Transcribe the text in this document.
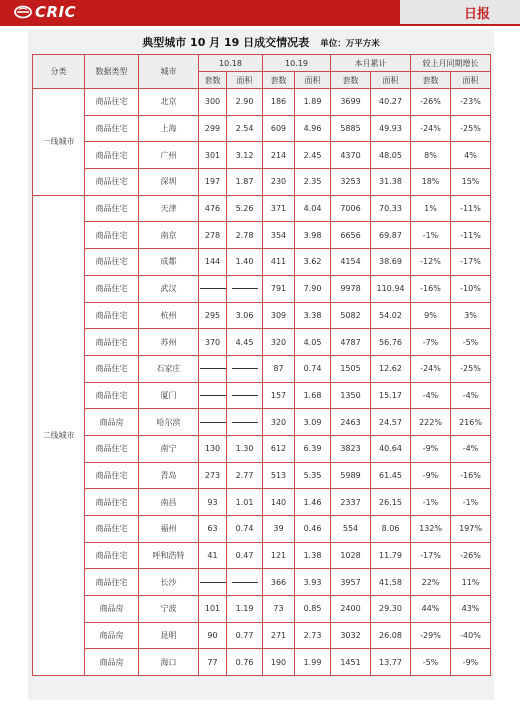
CRIC	日报
典型城市 10 月 19 日成交情况表 单位：万平方米
分类	数据类型	城市	10.18		10.19		本月累计		较上月同期增长	
			套数	面积	套数	面积	套数	面积	套数	面积
一线城市	商品住宅	北京	300	2.90	186	1.89	3699	40.27	-26%	-23%
	商品住宅	上海	299	2.54	609	4.96	5885	49.93	-24%	-25%
	商品住宅	广州	301	3.12	214	2.45	4370	48.05	8%	4%
	商品住宅	深圳	197	1.87	230	2.35	3253	31.38	18%	15%
二线城市	商品住宅	天津	476	5.26	371	4.04	7006	70.33	1%	-11%
	商品住宅	南京	278	2.78	354	3.98	6656	69.87	-1%	-11%
	商品住宅	成都	144	1.40	411	3.62	4154	38.69	-12%	-17%
	商品住宅	武汉			791	7.90	9978	110.94	-16%	-10%
	商品住宅	杭州	295	3.06	309	3.38	5082	54.02	9%	3%
	商品住宅	苏州	370	4.45	320	4.05	4787	56.76	-7%	-5%
	商品住宅	石家庄			87	0.74	1505	12.62	-24%	-25%
	商品住宅	厦门			157	1.68	1350	15.17	-4%	-4%
	商品房	哈尔滨			320	3.09	2463	24.57	222%	216%
	商品住宅	南宁	130	1.30	612	6.39	3823	40.64	-9%	-4%
	商品住宅	青岛	273	2.77	513	5.35	5989	61.45	-9%	-16%
	商品住宅	南昌	93	1.01	140	1.46	2337	26.15	-1%	-1%
	商品住宅	福州	63	0.74	39	0.46	554	8.06	132%	197%
	商品住宅	呼和浩特	41	0.47	121	1.38	1028	11.79	-17%	-26%
	商品住宅	长沙			366	3.93	3957	41.58	22%	11%
	商品房	宁波	101	1.19	73	0.85	2400	29.30	44%	43%
	商品房	昆明	90	0.77	271	2.73	3032	26.08	-29%	-40%
	商品房	海口	77	0.76	190	1.99	1451	13.77	-5%	-9%
